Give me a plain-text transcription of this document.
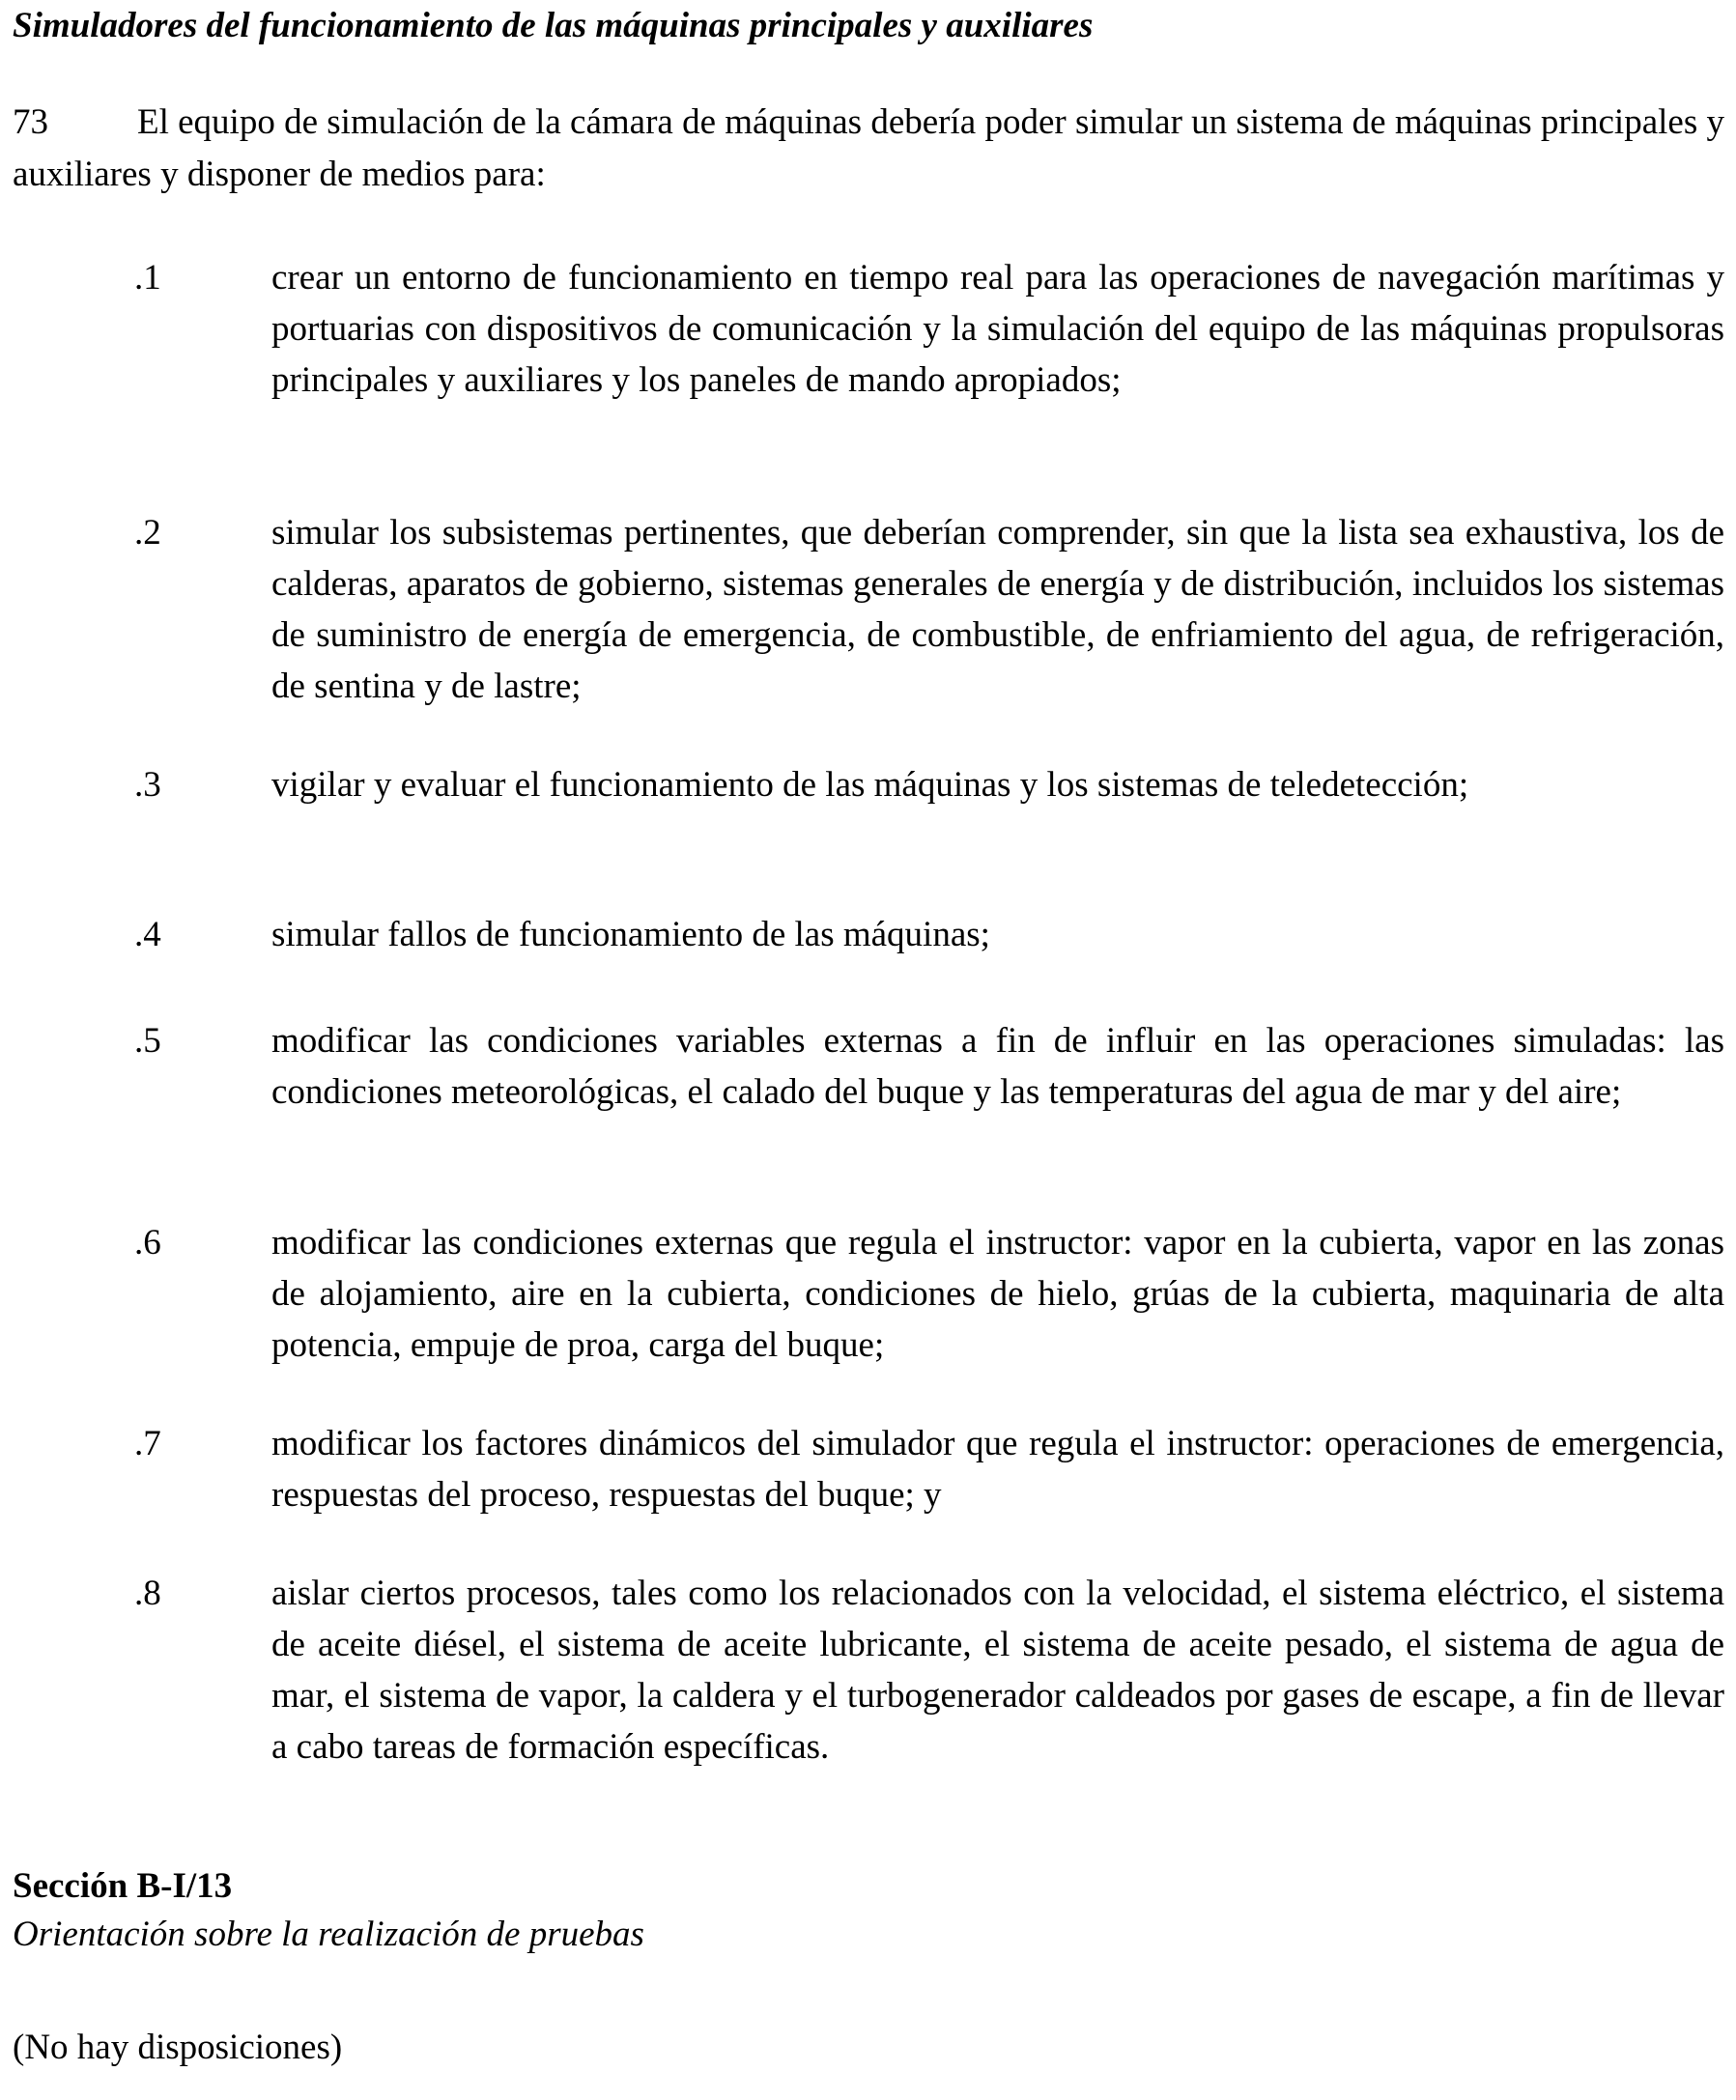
Simuladores del funcionamiento de las máquinas principales y auxiliares
73 El equipo de simulación de la cámara de máquinas debería poder simular un sistema de máquinas principales y auxiliares y disponer de medios para:
.1	crear un entorno de funcionamiento en tiempo real para las operaciones de navegación marítimas y portuarias con dispositivos de comunicación y la simulación del equipo de las máquinas propulsoras principales y auxiliares y los paneles de mando apropiados;
.2	simular los subsistemas pertinentes, que deberían comprender, sin que la lista sea exhaustiva, los de calderas, aparatos de gobierno, sistemas generales de energía y de distribución, incluidos los sistemas de suministro de energía de emergencia, de combustible, de enfriamiento del agua, de refrigeración, de sentina y de lastre;
.3	vigilar y evaluar el funcionamiento de las máquinas y los sistemas de teledetección;
.4	simular fallos de funcionamiento de las máquinas;
.5	modificar las condiciones variables externas a fin de influir en las operaciones simuladas: las condiciones meteorológicas, el calado del buque y las temperaturas del agua de mar y del aire;
.6	modificar las condiciones externas que regula el instructor: vapor en la cubierta, vapor en las zonas de alojamiento, aire en la cubierta, condiciones de hielo, grúas de la cubierta, maquinaria de alta potencia, empuje de proa, carga del buque;
.7	modificar los factores dinámicos del simulador que regula el instructor: operaciones de emergencia, respuestas del proceso, respuestas del buque; y
.8	aislar ciertos procesos, tales como los relacionados con la velocidad, el sistema eléctrico, el sistema de aceite diésel, el sistema de aceite lubricante, el sistema de aceite pesado, el sistema de agua de mar, el sistema de vapor, la caldera y el turbogenerador caldeados por gases de escape, a fin de llevar a cabo tareas de formación específicas.
Sección B-I/13
Orientación sobre la realización de pruebas
(No hay disposiciones)
